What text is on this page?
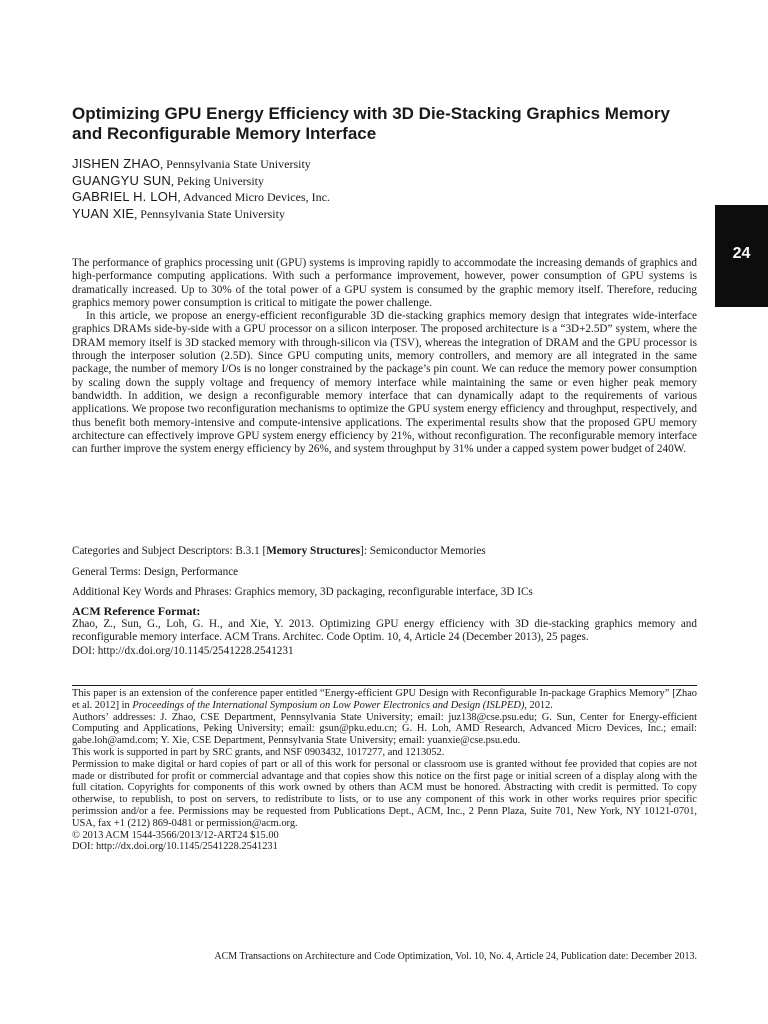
Optimizing GPU Energy Efficiency with 3D Die-Stacking Graphics Memory and Reconfigurable Memory Interface
JISHEN ZHAO, Pennsylvania State University
GUANGYU SUN, Peking University
GABRIEL H. LOH, Advanced Micro Devices, Inc.
YUAN XIE, Pennsylvania State University
24

The performance of graphics processing unit (GPU) systems is improving rapidly to accommodate the increasing demands of graphics and high-performance computing applications. With such a performance improvement, however, power consumption of GPU systems is dramatically increased. Up to 30% of the total power of a GPU system is consumed by the graphic memory itself. Therefore, reducing graphics memory power consumption is critical to mitigate the power challenge.

In this article, we propose an energy-efficient reconfigurable 3D die-stacking graphics memory design that integrates wide-interface graphics DRAMs side-by-side with a GPU processor on a silicon interposer. The proposed architecture is a “3D+2.5D” system, where the DRAM memory itself is 3D stacked memory with through-silicon via (TSV), whereas the integration of DRAM and the GPU processor is through the interposer solution (2.5D). Since GPU computing units, memory controllers, and memory are all integrated in the same package, the number of memory I/Os is no longer constrained by the package’s pin count. We can reduce the memory power consumption by scaling down the supply voltage and frequency of memory interface while maintaining the same or even higher peak memory bandwidth. In addition, we design a reconfigurable memory interface that can dynamically adapt to the requirements of various applications. We propose two reconfiguration mechanisms to optimize the GPU system energy efficiency and throughput, respectively, and thus benefit both memory-intensive and compute-intensive applications. The experimental results show that the proposed GPU memory architecture can effectively improve GPU system energy efficiency by 21%, without reconfiguration. The reconfigurable memory interface can further improve the system energy efficiency by 26%, and system throughput by 31% under a capped system power budget of 240W.

Categories and Subject Descriptors: B.3.1 [Memory Structures]: Semiconductor Memories
General Terms: Design, Performance
Additional Key Words and Phrases: Graphics memory, 3D packaging, reconfigurable interface, 3D ICs
ACM Reference Format:
Zhao, Z., Sun, G., Loh, G. H., and Xie, Y. 2013. Optimizing GPU energy efficiency with 3D die-stacking graphics memory and reconfigurable memory interface. ACM Trans. Architec. Code Optim. 10, 4, Article 24 (December 2013), 25 pages.
DOI: http://dx.doi.org/10.1145/2541228.2541231

This paper is an extension of the conference paper entitled “Energy-efficient GPU Design with Reconfigurable In-package Graphics Memory” [Zhao et al. 2012] in Proceedings of the International Symposium on Low Power Electronics and Design (ISLPED), 2012.

Authors’ addresses: J. Zhao, CSE Department, Pennsylvania State University; email: juz138@cse.psu.edu; G. Sun, Center for Energy-efficient Computing and Applications, Peking University; email: gsun@pku.edu.cn; G. H. Loh, AMD Research, Advanced Micro Devices, Inc.; email: gabe.loh@amd.com; Y. Xie, CSE Department, Pennsylvania State University; email: yuanxie@cse.psu.edu.

This work is supported in part by SRC grants, and NSF 0903432, 1017277, and 1213052.

Permission to make digital or hard copies of part or all of this work for personal or classroom use is granted without fee provided that copies are not made or distributed for profit or commercial advantage and that copies show this notice on the first page or initial screen of a display along with the full citation. Copyrights for components of this work owned by others than ACM must be honored. Abstracting with credit is permitted. To copy otherwise, to republish, to post on servers, to redistribute to lists, or to use any component of this work in other works requires prior specific perimssion and/or a fee. Permissions may be requested from Publications Dept., ACM, Inc., 2 Penn Plaza, Suite 701, New York, NY 10121-0701, USA, fax +1 (212) 869-0481 or permission@acm.org.

© 2013 ACM 1544-3566/2013/12-ART24 $15.00

DOI: http://dx.doi.org/10.1145/2541228.2541231

ACM Transactions on Architecture and Code Optimization, Vol. 10, No. 4, Article 24, Publication date: December 2013.
